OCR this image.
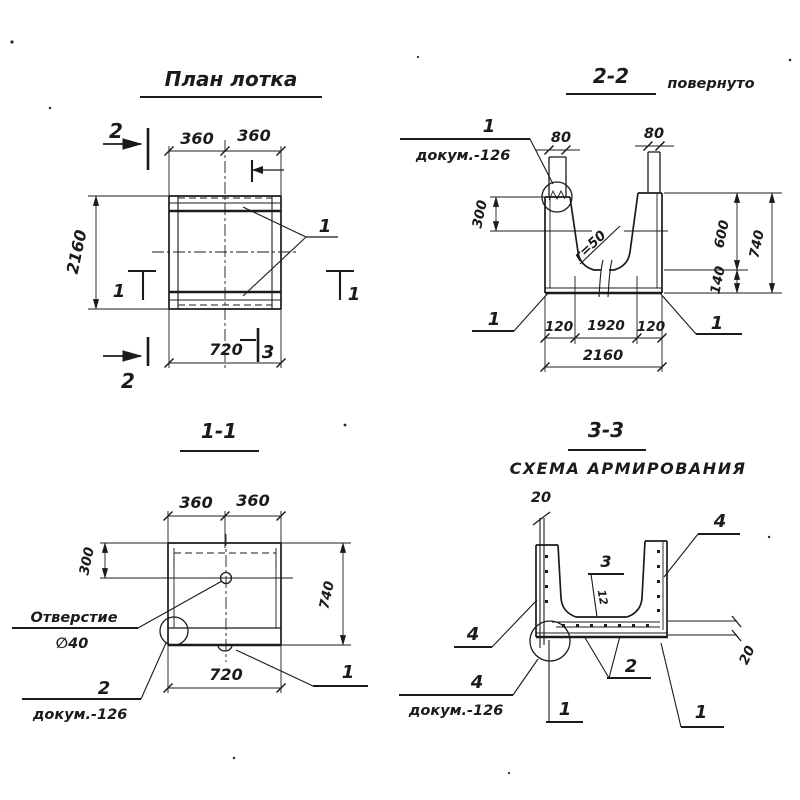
План лотка
2	360 360
1	1
1
2160
720
2
3
2-2	повернуто
1
докум.-126
80	80
300
г=50	600
140
740
1	1
120 1920 120
2160
1-1
360 360
300
740
720
Отверстие
∅40
2
докум.-126
1
3-3
СХЕМА АРМИРОВАНИЯ
20
20
4
3
12
4
4
докум.-126	1
2
1
